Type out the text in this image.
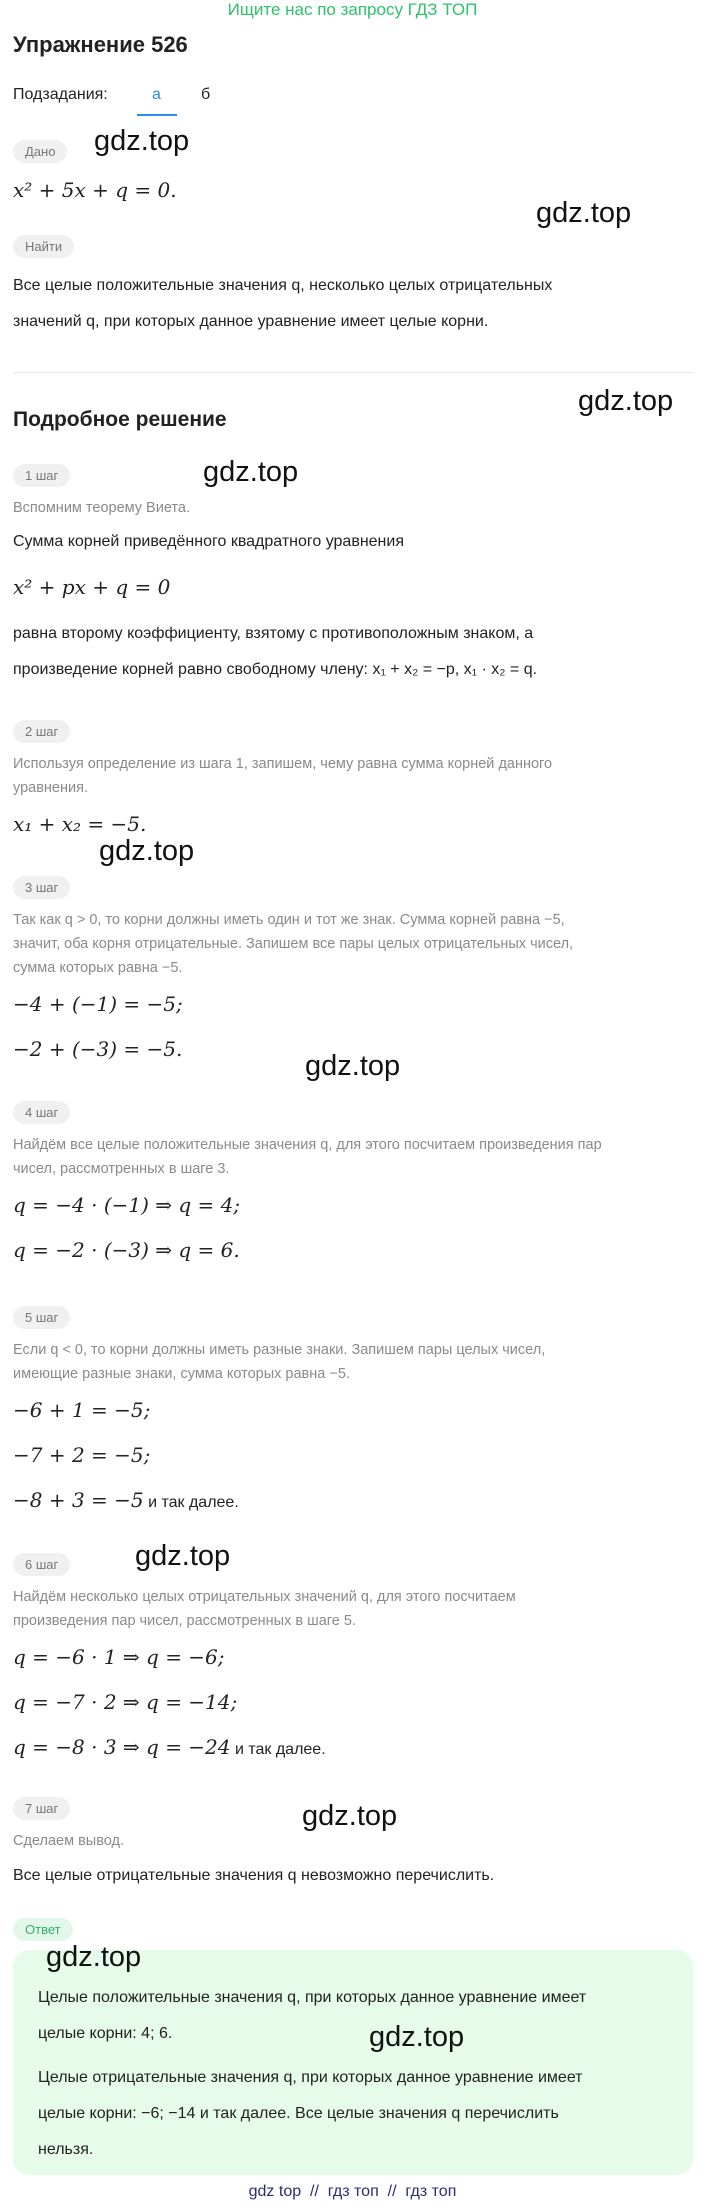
Ищите нас по запросу ГДЗ ТОП
Упражнение 526
Подзадания:	а	б
Дано
x² + 5x + q = 0.
Найти
Все целые положительные значения q, несколько целых отрицательных
значений q, при которых данное уравнение имеет целые корни.
Подробное решение
1 шаг
Вспомним теорему Виета.
Сумма корней приведённого квадратного уравнения
x² + px + q = 0
равна второму коэффициенту, взятому с противоположным знаком, а
произведение корней равно свободному члену: x₁ + x₂ = −p, x₁ · x₂ = q.
2 шаг
Используя определение из шага 1, запишем, чему равна сумма корней данного
уравнения.
x₁ + x₂ = −5.
3 шаг
Так как q > 0, то корни должны иметь один и тот же знак. Сумма корней равна −5,
значит, оба корня отрицательные. Запишем все пары целых отрицательных чисел,
сумма которых равна −5.
−4 + (−1) = −5;
−2 + (−3) = −5.
4 шаг
Найдём все целые положительные значения q, для этого посчитаем произведения пар
чисел, рассмотренных в шаге 3.
q = −4 · (−1) ⇒ q = 4;
q = −2 · (−3) ⇒ q = 6.
5 шаг
Если q < 0, то корни должны иметь разные знаки. Запишем пары целых чисел,
имеющие разные знаки, сумма которых равна −5.
−6 + 1 = −5;
−7 + 2 = −5;
−8 + 3 = −5 и так далее.
6 шаг
Найдём несколько целых отрицательных значений q, для этого посчитаем
произведения пар чисел, рассмотренных в шаге 5.
q = −6 · 1 ⇒ q = −6;
q = −7 · 2 ⇒ q = −14;
q = −8 · 3 ⇒ q = −24 и так далее.
7 шаг
Сделаем вывод.
Все целые отрицательные значения q невозможно перечислить.
Ответ
Целые положительные значения q, при которых данное уравнение имеет
целые корни: 4; 6.
Целые отрицательные значения q, при которых данное уравнение имеет
целые корни: −6; −14 и так далее. Все целые значения q перечислить
нельзя.
gdz.top
gdz.top
gdz.top
gdz.top
gdz.top
gdz.top
gdz.top
gdz.top
gdz.top
gdz.top
gdz top // гдз топ // гдз топ
